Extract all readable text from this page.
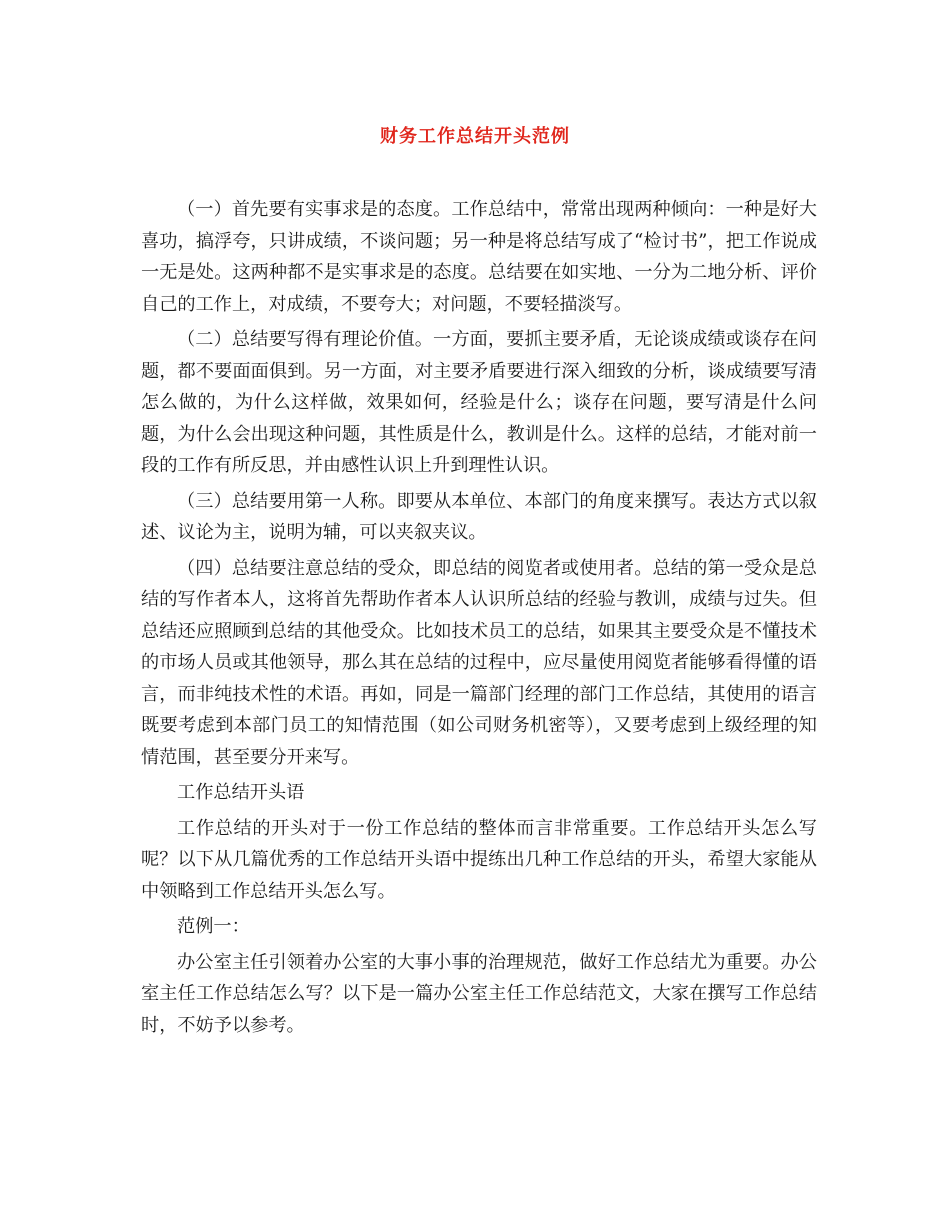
财务工作总结开头范例

（一）首先要有实事求是的态度。工作总结中，常常出现两种倾向：一种是好大喜功，搞浮夸，只讲成绩，不谈问题；另一种是将总结写成了“检讨书”，把工作说成一无是处。这两种都不是实事求是的态度。总结要在如实地、一分为二地分析、评价自己的工作上，对成绩，不要夸大；对问题，不要轻描淡写。

（二）总结要写得有理论价值。一方面，要抓主要矛盾，无论谈成绩或谈存在问题，都不要面面俱到。另一方面，对主要矛盾要进行深入细致的分析，谈成绩要写清怎么做的，为什么这样做，效果如何，经验是什么；谈存在问题，要写清是什么问题，为什么会出现这种问题，其性质是什么，教训是什么。这样的总结，才能对前一段的工作有所反思，并由感性认识上升到理性认识。

（三）总结要用第一人称。即要从本单位、本部门的角度来撰写。表达方式以叙述、议论为主，说明为辅，可以夹叙夹议。

（四）总结要注意总结的受众，即总结的阅览者或使用者。总结的第一受众是总结的写作者本人，这将首先帮助作者本人认识所总结的经验与教训，成绩与过失。但总结还应照顾到总结的其他受众。比如技术员工的总结，如果其主要受众是不懂技术的市场人员或其他领导，那么其在总结的过程中，应尽量使用阅览者能够看得懂的语言，而非纯技术性的术语。再如，同是一篇部门经理的部门工作总结，其使用的语言既要考虑到本部门员工的知情范围（如公司财务机密等），又要考虑到上级经理的知情范围，甚至要分开来写。

工作总结开头语

工作总结的开头对于一份工作总结的整体而言非常重要。工作总结开头怎么写呢？以下从几篇优秀的工作总结开头语中提练出几种工作总结的开头，希望大家能从中领略到工作总结开头怎么写。

范例一：

办公室主任引领着办公室的大事小事的治理规范，做好工作总结尤为重要。办公室主任工作总结怎么写？以下是一篇办公室主任工作总结范文，大家在撰写工作总结时，不妨予以参考。
